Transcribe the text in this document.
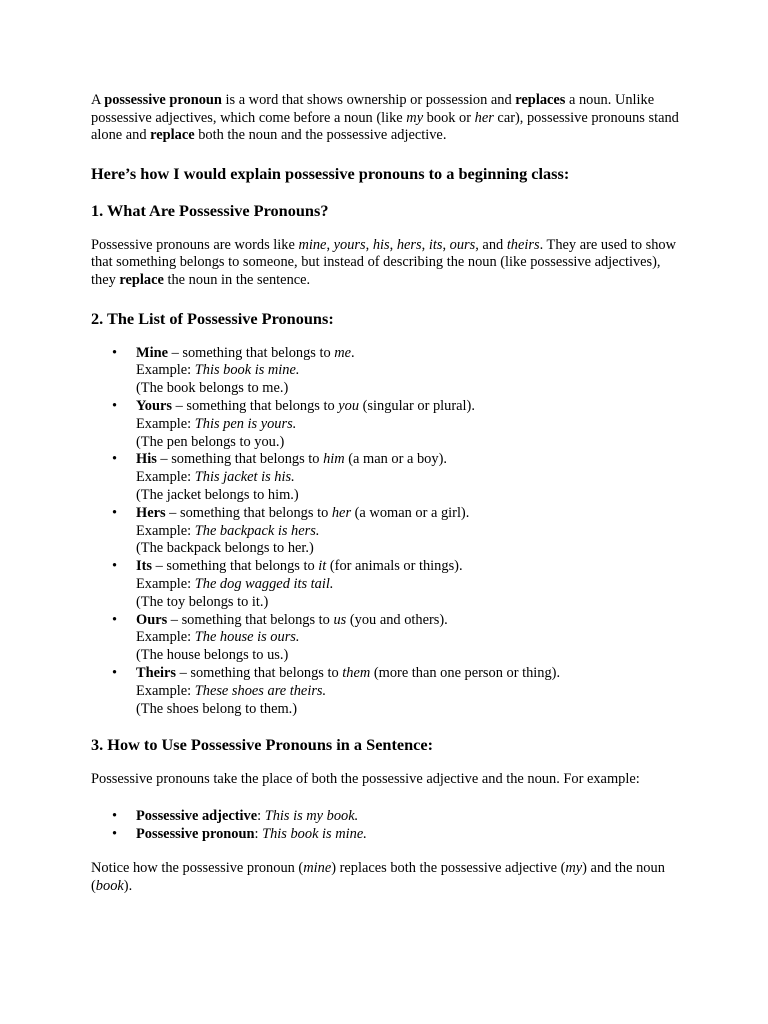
A possessive pronoun is a word that shows ownership or possession and replaces a noun. Unlike possessive adjectives, which come before a noun (like my book or her car), possessive pronouns stand alone and replace both the noun and the possessive adjective.

Here’s how I would explain possessive pronouns to a beginning class:
1. What Are Possessive Pronouns?

Possessive pronouns are words like mine, yours, his, hers, its, ours, and theirs. They are used to show that something belongs to someone, but instead of describing the noun (like possessive adjectives), they replace the noun in the sentence.

2. The List of Possessive Pronouns:
• Mine – something that belongs to me.
Example: This book is mine.
(The book belongs to me.)
• Yours – something that belongs to you (singular or plural).
Example: This pen is yours.
(The pen belongs to you.)
• His – something that belongs to him (a man or a boy).
Example: This jacket is his.
(The jacket belongs to him.)
• Hers – something that belongs to her (a woman or a girl).
Example: The backpack is hers.
(The backpack belongs to her.)
• Its – something that belongs to it (for animals or things).
Example: The dog wagged its tail.
(The toy belongs to it.)
• Ours – something that belongs to us (you and others).
Example: The house is ours.
(The house belongs to us.)
• Theirs – something that belongs to them (more than one person or thing).
Example: These shoes are theirs.
(The shoes belong to them.)
3. How to Use Possessive Pronouns in a Sentence:

Possessive pronouns take the place of both the possessive adjective and the noun. For example:

• Possessive adjective: This is my book.
• Possessive pronoun: This book is mine.

Notice how the possessive pronoun (mine) replaces both the possessive adjective (my) and the noun (book).
